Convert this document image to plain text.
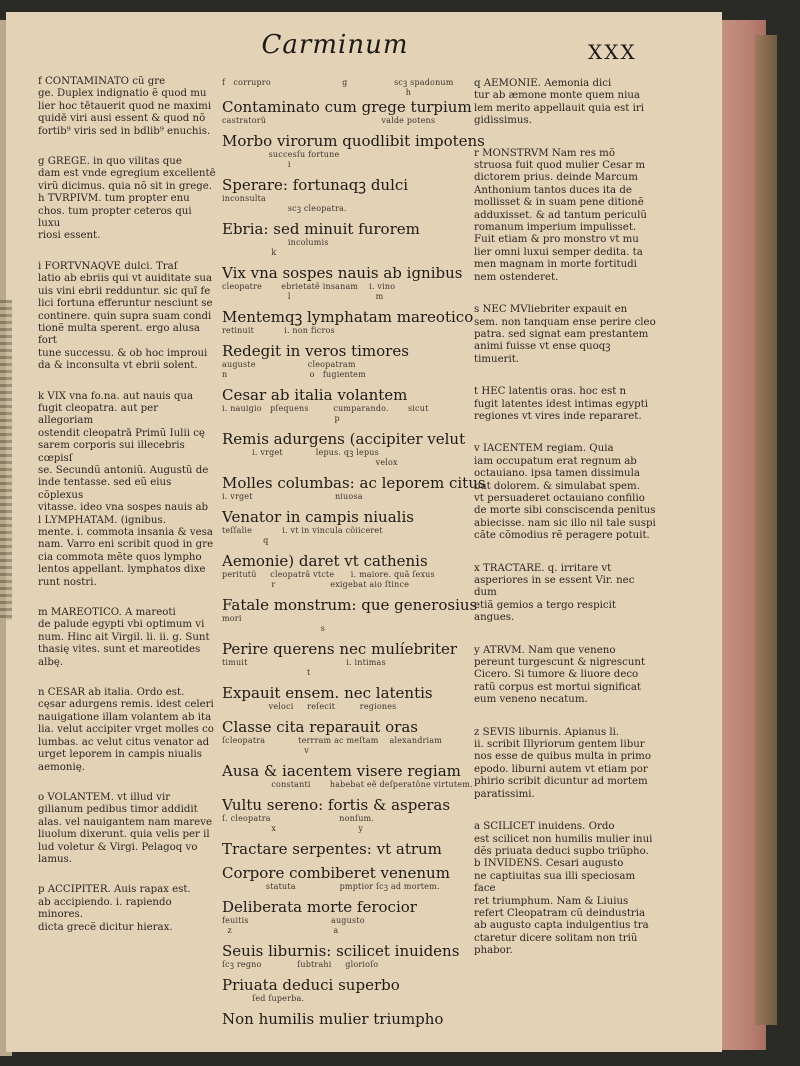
Carminum	XXX
f CONTAMINATO cũ gre
ge. Duplex indignatio ẽ quod mu
lier hoc tētauerit quod ne maximi
quidē viri ausi essent & quod nõ
fortib⁹ viris sed in bdlib⁹ enuchis.
g GREGE. in quo vilitas que
dam est vnde egregium excellentē
virũ dicimus. quia nõ sit in grege.
h TVRPIVM. tum propter enu
chos. tum propter ceteros qui luxu
riosi essent.
i FORTVNAQVE dulci. Traſ
latio ab ebriis qui vt auiditate sua
uis vini ebrii redduntur. sic quĩ fe
lici fortuna efferuntur nesciunt se
continere. quin supra suam condi
tionẽ multa sperent. ergo alusa fort
tune successu. & ob hoc improui
da & inconsulta vt ebrii solent.
k VIX vna fo.na. aut nauis qua
fugit cleopatra. aut per allegoriam
ostendit cleopatrā Primũ Iulii cę
sarem corporis sui illecebris cœpisſ
se. Secundũ antoniũ. Augustũ de
inde tentasse. sed eũ eius cõplexus
vitasse. ideo vna sospes nauis ab
l LYMPHATAM. (ignibus.
mente. i. commota insania & vesa
nam. Varro eni scribit quod in gre
cia commota mẽte quos lympho
lentos appellant. lymphatos dixe
runt nostri.
m MAREOTICO. A mareoti
de palude egypti vbi optimum vi
num. Hinc ait Virgil. li. ii. g. Sunt
thasię vites. sunt et mareotides albę.
n CESAR ab italia. Ordo est.
cęsar adurgens remis. idest celeri
nauigatione illam volantem ab ita
lia. velut accipiter vrget molles co
lumbas. ac velut citus venator ad
urget leporem in campis niualis
aemonię.
o VOLANTEM. vt illud vir
gilianum pedibus timor addidit
alas. vel nauigantem nam mareve
liuolum dixerunt. quia velis per il
lud voletur & Virgi. Pelagoq vo
lamus.
p ACCIPITER. Auis rapax est.
ab accipiendo. i. rapiendo minores.
dicta grecẽ dicitur hierax.
f   corrupro                          g                 scꝫ spadonum
h
Contaminato cum grege turpium
castratorũ                                          valde potens
Morbo virorum quodlibit impotens
succesſu fortune
i
Sperare: fortunaqꝫ dulci
inconsulta
scꝫ cleopatra.
Ebria: sed minuit furorem
incolumis
k
Vix vna sospes nauis ab ignibus
cleopatre       ebrietatẽ insanam    i. vino
l                               m
Mentemqꝫ lymphatam mareotico
retinuit           i. non ficros
Redegit in veros timores
auguste                   cleopatram
n                              o   fugientem
Cesar ab italia volantem
i. nauigio   pſequens         cumparando.       sicut
p
Remis adurgens (accipiter velut
i. vrget            lepus. qꝫ lepus
velox
Molles columbas: ac leporem citus
i. vrget                              niuosa
Venator in campis niualis
teſſalie           i. vt in vincula cõiiceret
q
Aemonie) daret vt cathenis
peritutũ     cleopatrã vtcte      i. maiore. quã ſexus
r                    exigebat aio ſtince
Fatale monstrum: que generosius
mori
s
Perire querens nec mulíebriter
timuit                                    i. intimas
t
Expauit ensem. nec latentis
veloci     reſecit         regiones
Classe cita reparauit oras
ſcleopatra            terrram ac meſtam    alexandriam
v
Ausa & iacentem visere regiam
constanti       habebat eẽ deſperatõne virtutem.
Vultu sereno: fortis & asperas
ſ. cleopatra                         nonſum.
x                              y
Tractare serpentes: vt atrum
Corpore combiberet venenum
statuta                pmptior ſcꝫ ad mortem.
Deliberata morte ferocior
feuitis                              augusto
z                                     a
Seuis liburnis: scilicet inuidens
ſcꝫ regno             ſubtrahi     glorioſo
Priuata deduci superbo
ſed ſuperba.
Non humilis mulier triumpho
q AEMONIE. Aemonia dici
tur ab æmone monte quem niua
lem merito appellauit quia est iri
gidissimus.
r MONSTRVM Nam res mõ
struosa fuit quod mulier Cesar m
dictorem prius. deinde Marcum
Anthonium tantos duces ita de
mollisset & in suam pene ditionẽ
adduxisset. & ad tantum periculũ
romanum imperium impulisset.
Fuit etiam & pro monstro vt mu
lier omni luxui semper dedita. ta
men magnam in morte fortitudi
nem ostenderet.
s NEC MVliebriter expauit en
sem. non tanquam ense perire cleo
patra. sed signat eam prestantem
animi fuisse vt ense quoqꝫ timuerit.
t HEC latentis oras. hoc est n
fugit latentes idest intimas egypti
regiones vt vires inde repararet.
v IACENTEM regiam. Quia
iam occupatum erat regnum ab
octauiano. ipsa tamen dissimula
bat dolorem. & simulabat spem.
vt persuaderet octauiano confilio
de morte sibi consciscenda penitus
abiecisse. nam sic illo nil tale suspi
cãte cõmodius rẽ peragere potuit.
x TRACTARE. q. irritare vt
asperiores in se essent Vir. nec dum
etiã gemios a tergo respicit angues.
y ATRVM. Nam que veneno
pereunt turgescunt & nigrescunt
Cicero. Si tumore & liuore deco
ratũ corpus est mortui significat
eum veneno necatum.
z SEVIS liburnis. Apianus li.
ii. scribit Illyriorum gentem libur
nos esse de quibus multa in primo
epodo. liburni autem vt etiam por
phirio scribit dicuntur ad mortem
paratissimi.
a SCILICET inuidens. Ordo
est scilicet non humilis mulier inui
dẽs priuata deduci supbo triũpho.
b INVIDENS. Cesari augusto
ne captiuitas sua illi speciosam face
ret triumphum. Nam & Liuius
refert Cleopatram cũ deindustria
ab augusto capta indulgentius tra
ctaretur dicere solitam non triũ
phabor.
